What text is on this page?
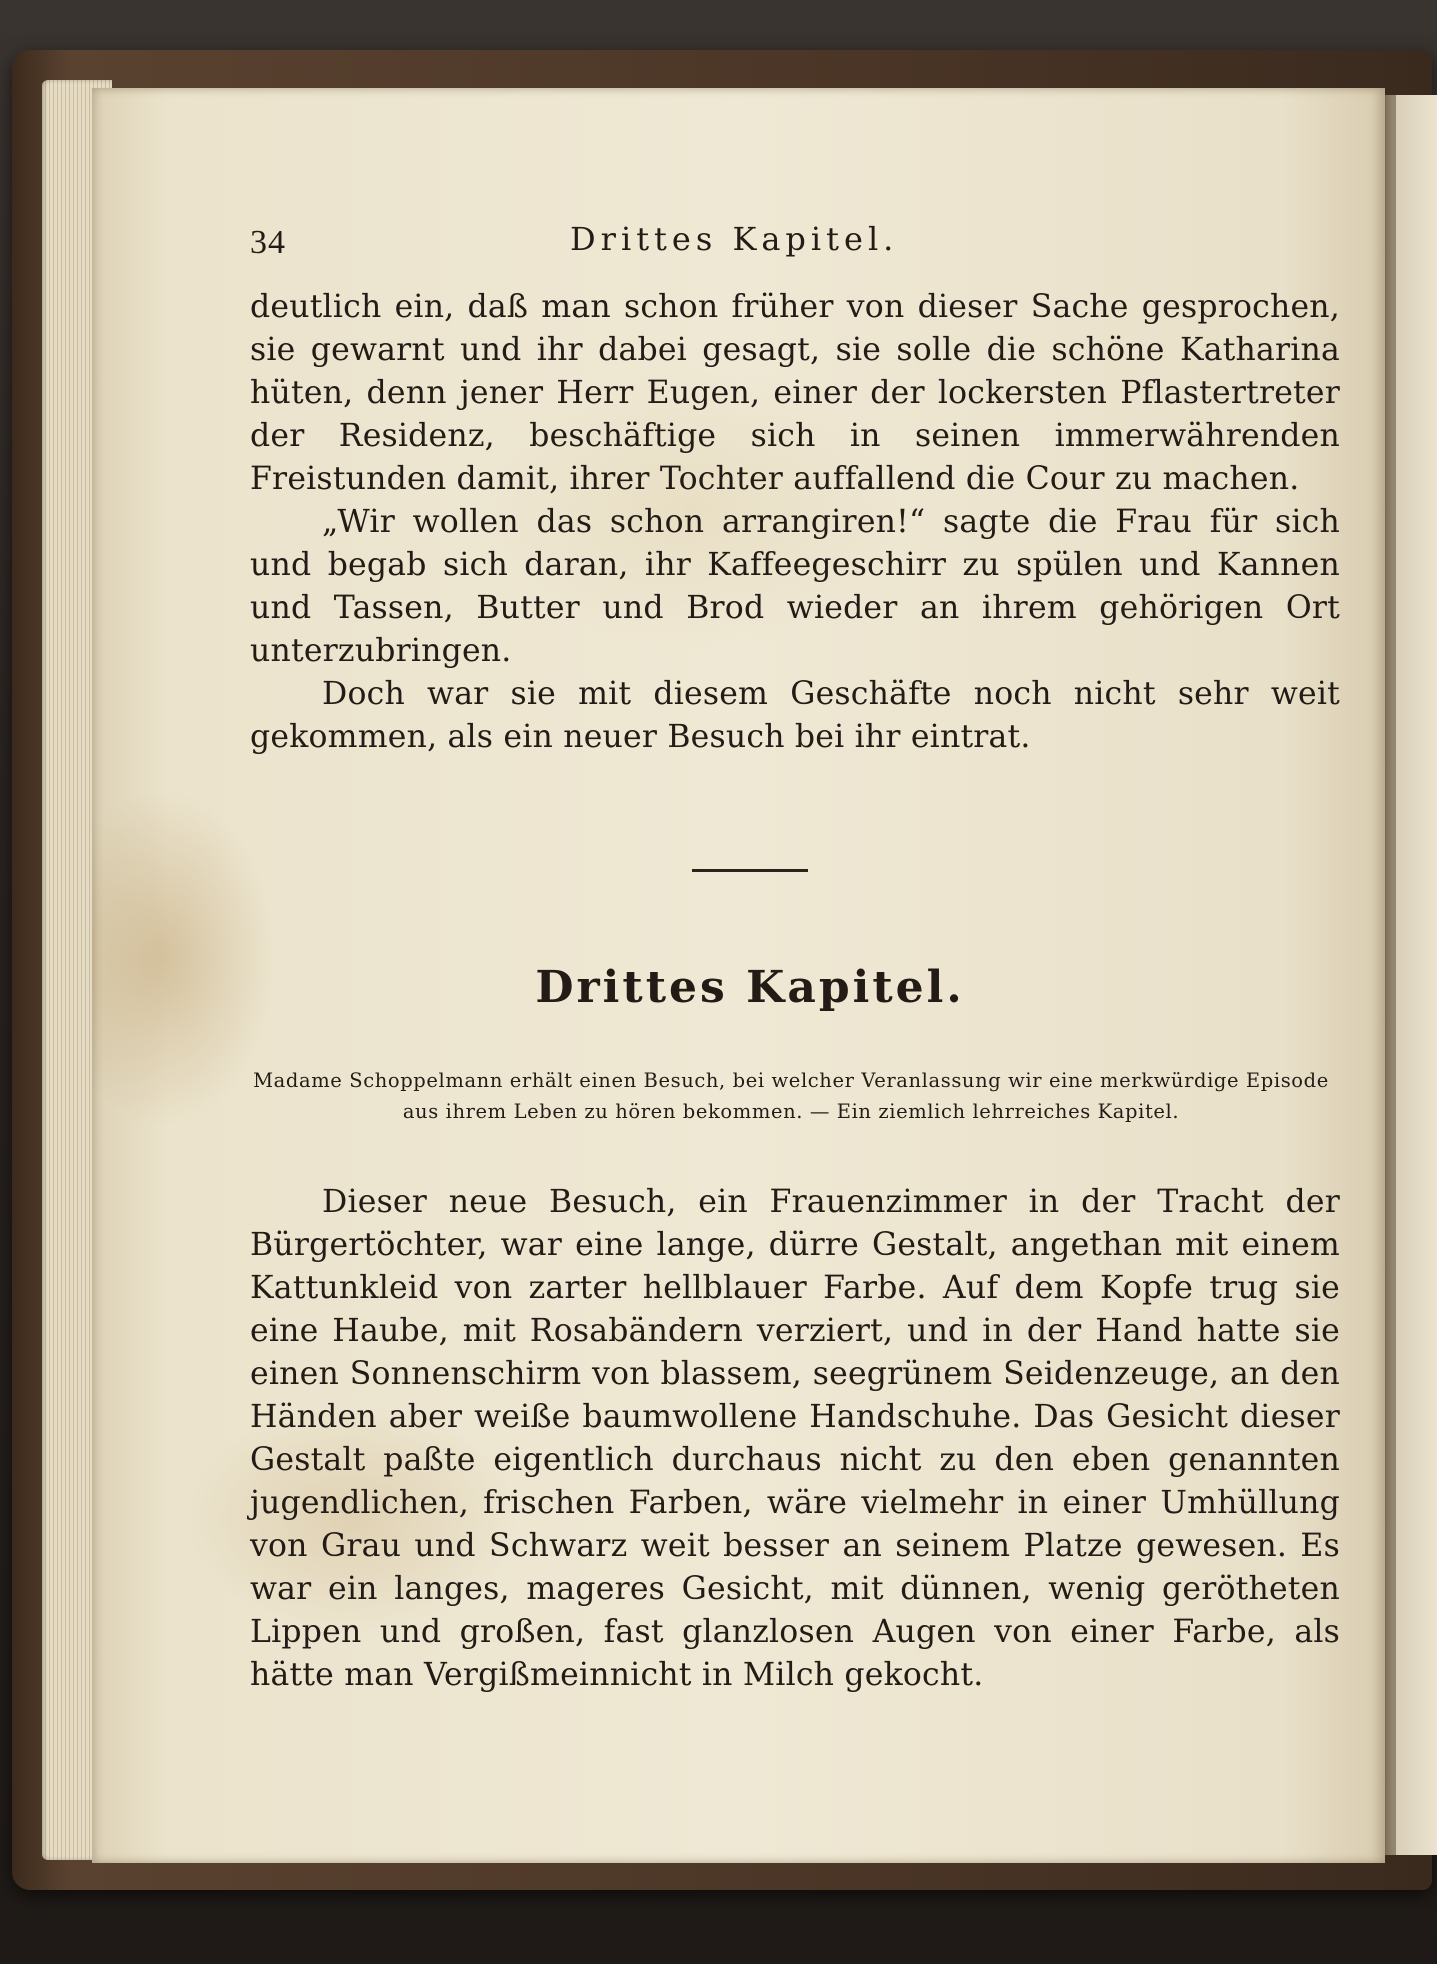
34	Drittes Kapitel.

deutlich ein, daß man schon früher von dieser Sache gesprochen, sie gewarnt und ihr dabei gesagt, sie solle die schöne Katharina hüten, denn jener Herr Eugen, einer der lockersten Pflastertreter der Residenz, beschäftige sich in seinen immerwährenden Freistunden damit, ihrer Tochter auffallend die Cour zu machen.

„Wir wollen das schon arrangiren!“ sagte die Frau für sich und begab sich daran, ihr Kaffeegeschirr zu spülen und Kannen und Tassen, Butter und Brod wieder an ihrem gehörigen Ort unterzubringen.

Doch war sie mit diesem Geschäfte noch nicht sehr weit gekommen, als ein neuer Besuch bei ihr eintrat.

Drittes Kapitel.
Madame Schoppelmann erhält einen Besuch, bei welcher Veranlassung wir eine merkwürdige Episode aus ihrem Leben zu hören bekommen. — Ein ziemlich lehrreiches Kapitel.

Dieser neue Besuch, ein Frauenzimmer in der Tracht der Bürgertöchter, war eine lange, dürre Gestalt, angethan mit einem Kattunkleid von zarter hellblauer Farbe. Auf dem Kopfe trug sie eine Haube, mit Rosabändern verziert, und in der Hand hatte sie einen Sonnenschirm von blassem, seegrünem Seidenzeuge, an den Händen aber weiße baumwollene Handschuhe. Das Gesicht dieser Gestalt paßte eigentlich durchaus nicht zu den eben genannten jugendlichen, frischen Farben, wäre vielmehr in einer Umhüllung von Grau und Schwarz weit besser an seinem Platze gewesen. Es war ein langes, mageres Gesicht, mit dünnen, wenig gerötheten Lippen und großen, fast glanzlosen Augen von einer Farbe, als hätte man Vergißmeinnicht in Milch gekocht.
